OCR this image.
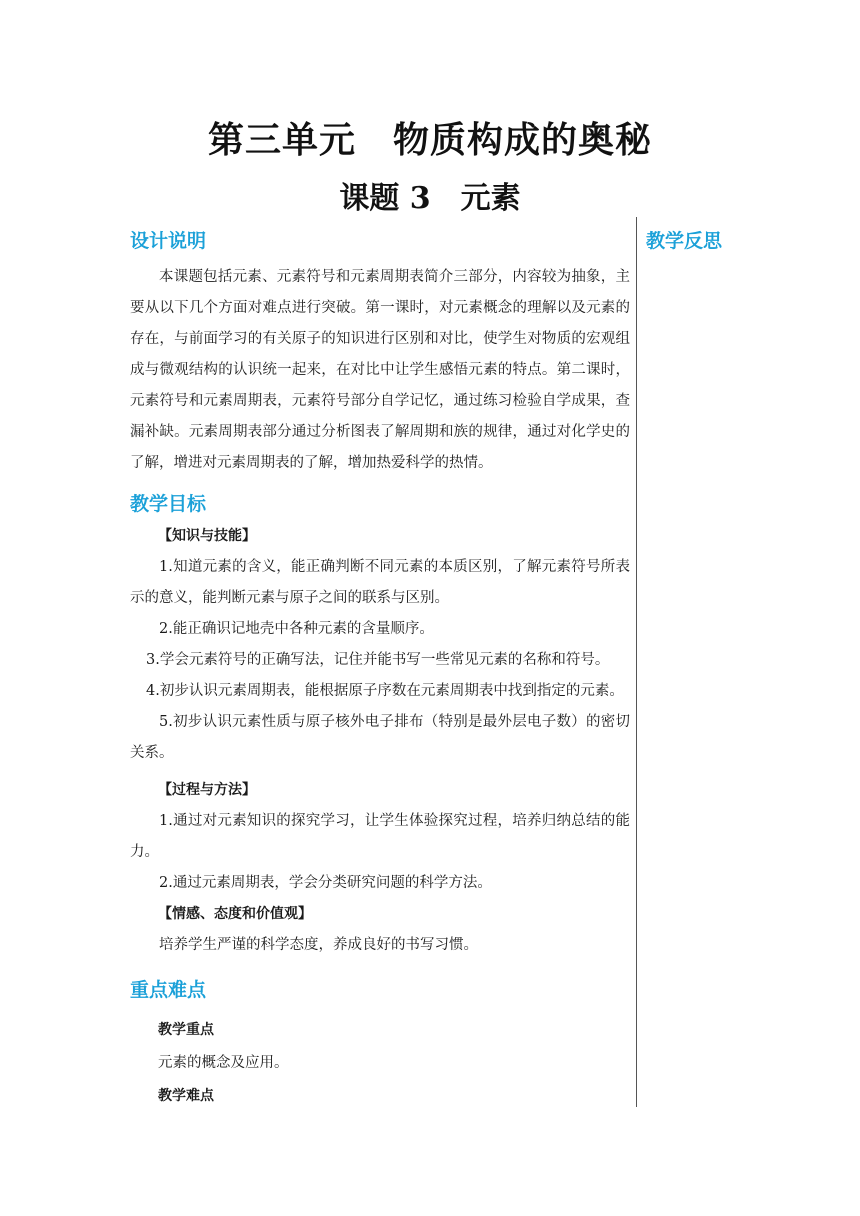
第三单元　物质构成的奥秘
课题 3　元素
教学反思
设计说明

本课题包括元素、元素符号和元素周期表简介三部分，内容较为抽象，主要从以下几个方面对难点进行突破。第一课时，对元素概念的理解以及元素的存在，与前面学习的有关原子的知识进行区别和对比，使学生对物质的宏观组成与微观结构的认识统一起来，在对比中让学生感悟元素的特点。第二课时，元素符号和元素周期表，元素符号部分自学记忆，通过练习检验自学成果，查漏补缺。元素周期表部分通过分析图表了解周期和族的规律，通过对化学史的了解，增进对元素周期表的了解，增加热爱科学的热情。

教学目标
【知识与技能】

1.知道元素的含义，能正确判断不同元素的本质区别，了解元素符号所表示的意义，能判断元素与原子之间的联系与区别。

2.能正确识记地壳中各种元素的含量顺序。

3.学会元素符号的正确写法，记住并能书写一些常见元素的名称和符号。

4.初步认识元素周期表，能根据原子序数在元素周期表中找到指定的元素。

5.初步认识元素性质与原子核外电子排布（特别是最外层电子数）的密切关系。

【过程与方法】

1.通过对元素知识的探究学习，让学生体验探究过程，培养归纳总结的能力。

2.通过元素周期表，学会分类研究问题的科学方法。

【情感、态度和价值观】

培养学生严谨的科学态度，养成良好的书写习惯。

重点难点
教学重点

元素的概念及应用。

教学难点
